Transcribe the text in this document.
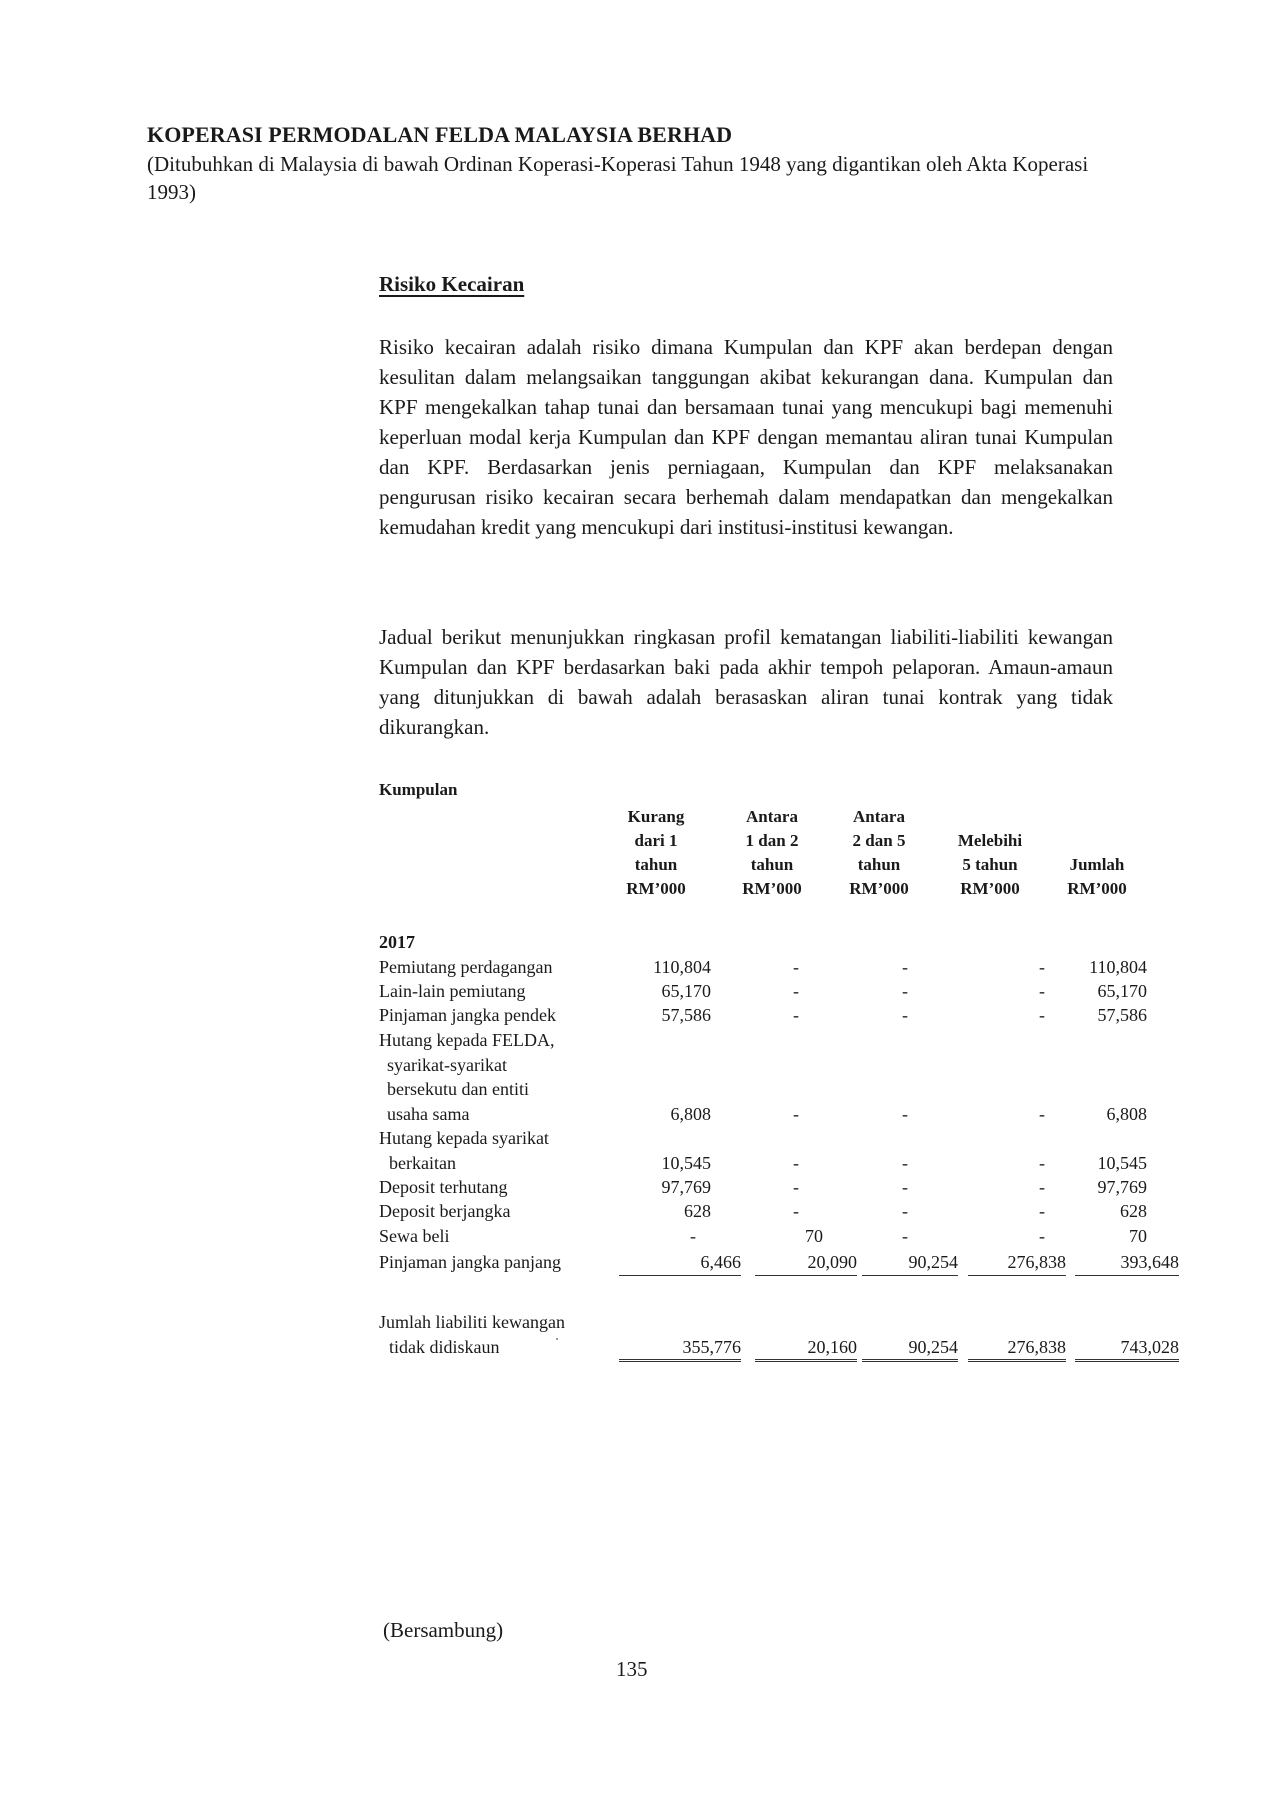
KOPERASI PERMODALAN FELDA MALAYSIA BERHAD
(Ditubuhkan di Malaysia di bawah Ordinan Koperasi-Koperasi Tahun 1948 yang digantikan oleh Akta Koperasi 1993)
Risiko Kecairan

Risiko kecairan adalah risiko dimana Kumpulan dan KPF akan berdepan dengan kesulitan dalam melangsaikan tanggungan akibat kekurangan dana. Kumpulan dan KPF mengekalkan tahap tunai dan bersamaan tunai yang mencukupi bagi memenuhi keperluan modal kerja Kumpulan dan KPF dengan memantau aliran tunai Kumpulan dan KPF. Berdasarkan jenis perniagaan, Kumpulan dan KPF melaksanakan pengurusan risiko kecairan secara berhemah dalam mendapatkan dan mengekalkan kemudahan kredit yang mencukupi dari institusi-institusi kewangan.

Jadual berikut menunjukkan ringkasan profil kematangan liabiliti-liabiliti kewangan Kumpulan dan KPF berdasarkan baki pada akhir tempoh pelaporan. Amaun-amaun yang ditunjukkan di bawah adalah berasaskan aliran tunai kontrak yang tidak dikurangkan.

Kumpulan
Kurang
dari 1
tahun
RM’000
Antara
1 dan 2
tahun
RM’000
Antara
2 dan 5
tahun
RM’000
Melebihi
5 tahun
RM’000
Jumlah
RM’000
2017
Pemiutang perdagangan	110,804	-	-	-	110,804
Lain-lain pemiutang	65,170	-	-	-	65,170
Pinjaman jangka pendek	57,586	-	-	-	57,586
Hutang kepada FELDA,
syarikat-syarikat
bersekutu dan entiti
usaha sama	6,808	-	-	-	6,808
Hutang kepada syarikat
berkaitan	10,545	-	-	-	10,545
Deposit terhutang	97,769	-	-	-	97,769
Deposit berjangka	628	-	-	-	628
Sewa beli	-	70	-	-	70
Pinjaman jangka panjang	6,466	20,090	90,254	276,838	393,648
Jumlah liabiliti kewangan
tidak didiskaun	355,776	20,160	90,254	276,838	743,028
(Bersambung)
135
